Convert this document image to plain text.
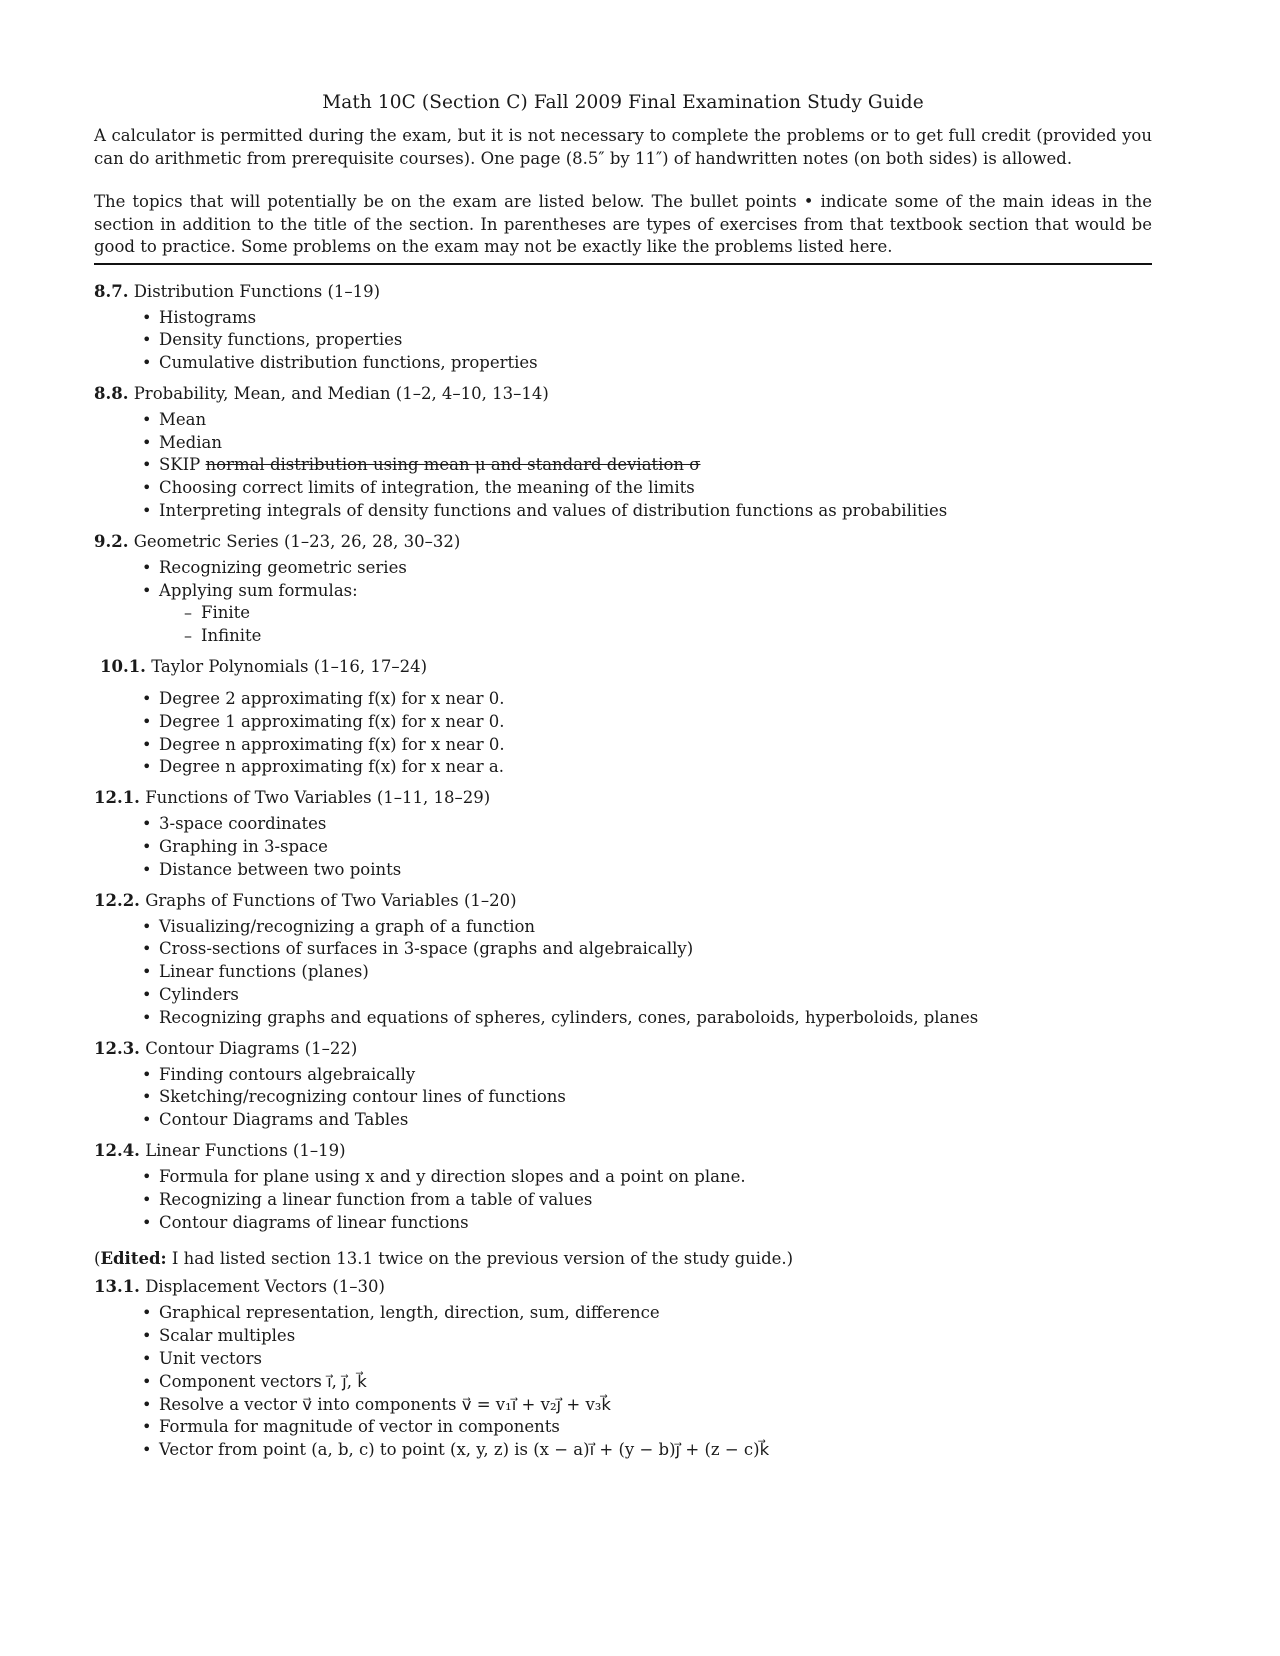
Math 10C (Section C) Fall 2009 Final Examination Study Guide

A calculator is permitted during the exam, but it is not necessary to complete the problems or to get full credit (provided you can do arithmetic from prerequisite courses). One page (8.5″ by 11″) of handwritten notes (on both sides) is allowed.

The topics that will potentially be on the exam are listed below. The bullet points • indicate some of the main ideas in the section in addition to the title of the section. In parentheses are types of exercises from that textbook section that would be good to practice. Some problems on the exam may not be exactly like the problems listed here.

8.7. Distribution Functions (1–19)

• Histograms
• Density functions, properties
• Cumulative distribution functions, properties

8.8. Probability, Mean, and Median (1–2, 4–10, 13–14)

• Mean
• Median
• SKIP normal distribution using mean μ and standard deviation σ
• Choosing correct limits of integration, the meaning of the limits
• Interpreting integrals of density functions and values of distribution functions as probabilities

9.2. Geometric Series (1–23, 26, 28, 30–32)

• Recognizing geometric series
• Applying sum formulas:
– Finite
– Infinite

10.1. Taylor Polynomials (1–16, 17–24)

• Degree 2 approximating f(x) for x near 0.
• Degree 1 approximating f(x) for x near 0.
• Degree n approximating f(x) for x near 0.
• Degree n approximating f(x) for x near a.

12.1. Functions of Two Variables (1–11, 18–29)

• 3-space coordinates
• Graphing in 3-space
• Distance between two points

12.2. Graphs of Functions of Two Variables (1–20)

• Visualizing/recognizing a graph of a function
• Cross-sections of surfaces in 3-space (graphs and algebraically)
• Linear functions (planes)
• Cylinders
• Recognizing graphs and equations of spheres, cylinders, cones, paraboloids, hyperboloids, planes

12.3. Contour Diagrams (1–22)

• Finding contours algebraically
• Sketching/recognizing contour lines of functions
• Contour Diagrams and Tables

12.4. Linear Functions (1–19)

• Formula for plane using x and y direction slopes and a point on plane.
• Recognizing a linear function from a table of values
• Contour diagrams of linear functions

(Edited: I had listed section 13.1 twice on the previous version of the study guide.)

13.1. Displacement Vectors (1–30)

• Graphical representation, length, direction, sum, difference
• Scalar multiples
• Unit vectors
• Component vectors i⃗, j⃗, k⃗
• Resolve a vector v⃗ into components v⃗ = v₁i⃗ + v₂j⃗ + v₃k⃗
• Formula for magnitude of vector in components
• Vector from point (a, b, c) to point (x, y, z) is (x − a)i⃗ + (y − b)j⃗ + (z − c)k⃗
